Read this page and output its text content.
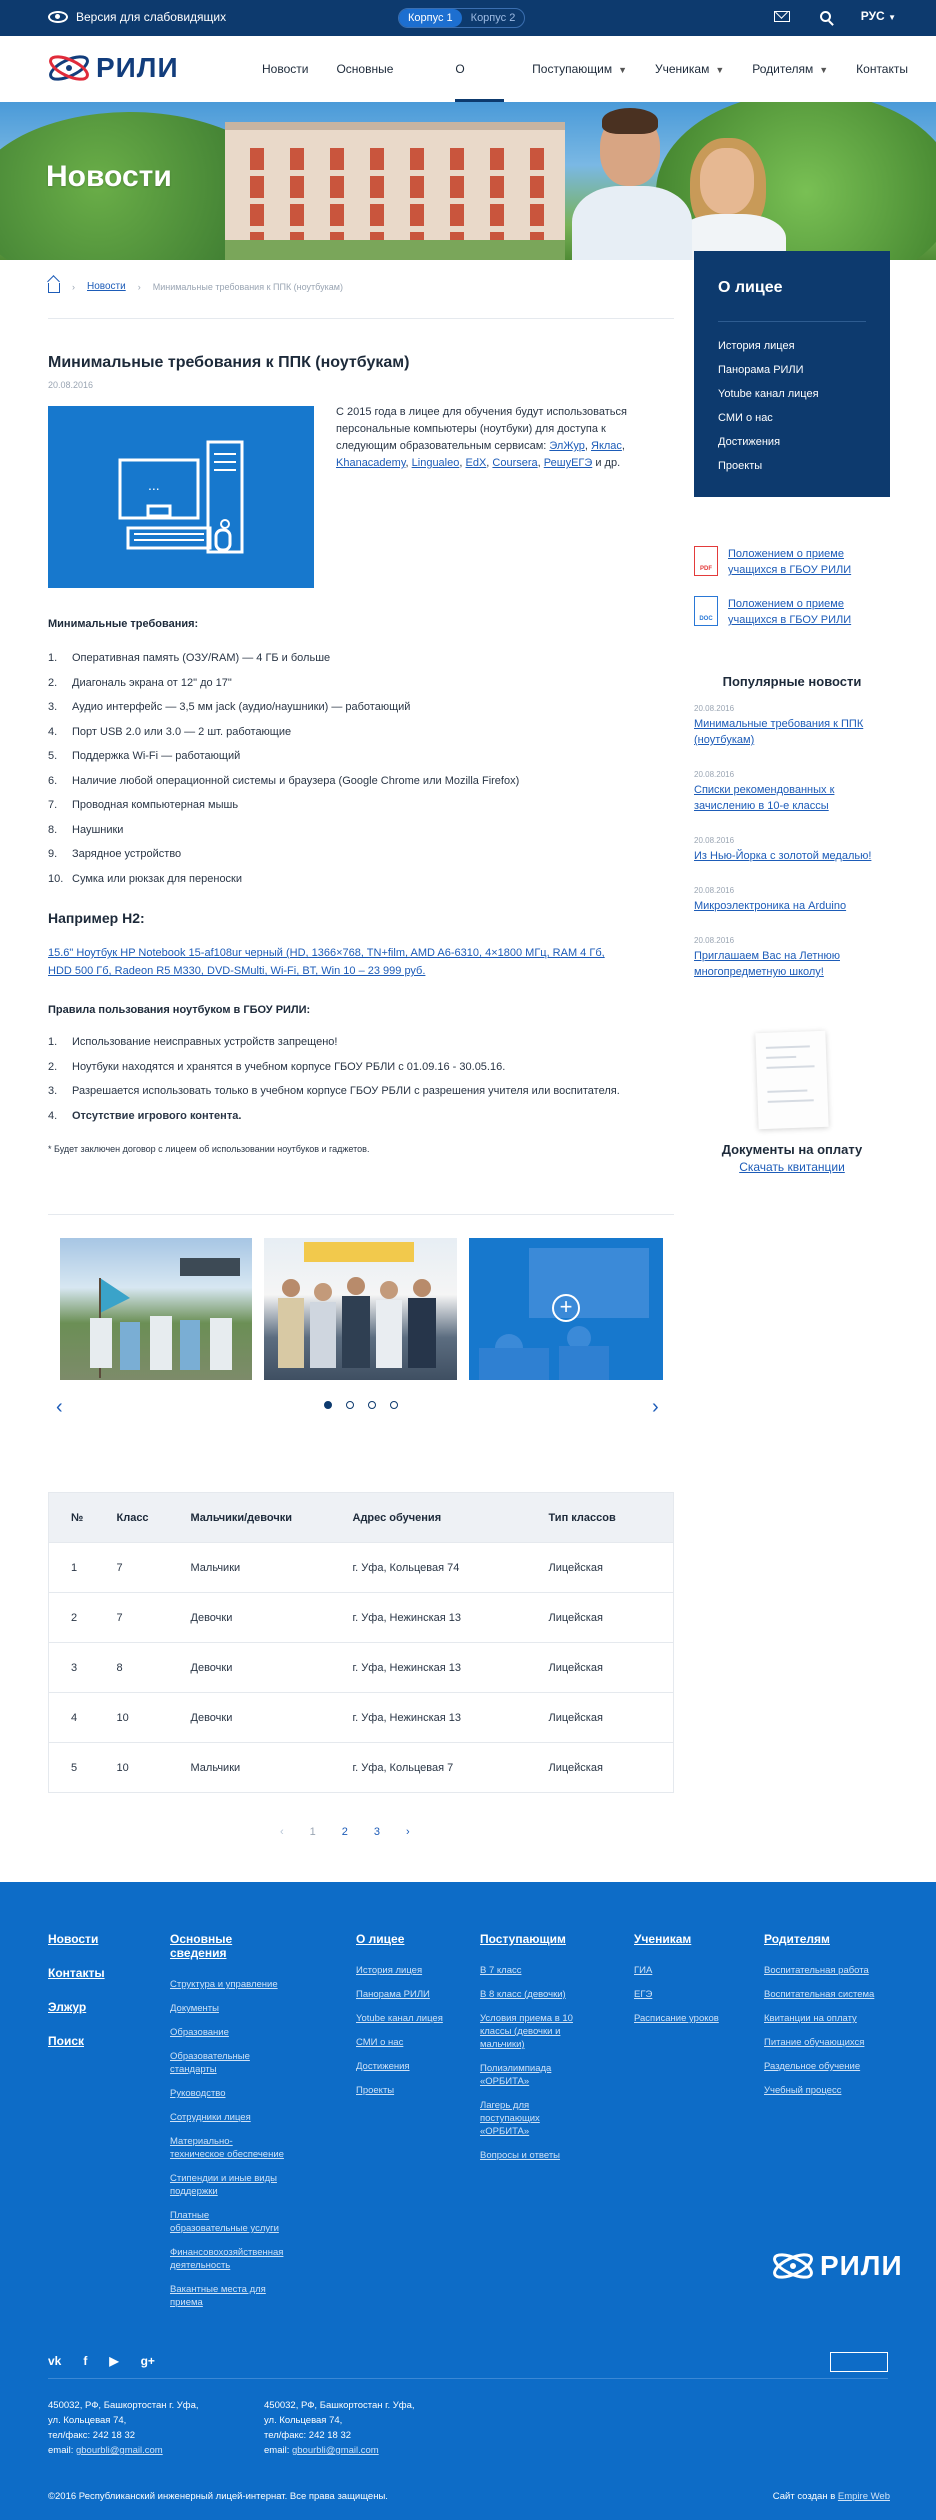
Версия для слабовидящих	Корпус 1	Корпус 2	РУС ▼
РИЛИ	Новости Основные	О	Поступающим ▼ Ученикам ▼ Родителям ▼ Контакты
Новости
О лицее
История лицея
Панорама РИЛИ
Yotube канал лицея
СМИ о нас
Достижения
Проекты
PDF
Положением о приеме учащихся в ГБОУ РИЛИ
DOC
Положением о приеме учащихся в ГБОУ РИЛИ
Популярные новости
20.08.2016
Минимальные требования к ППК (ноутбукам)
20.08.2016
Списки рекомендованных к зачислению в 10-е классы
20.08.2016
Из Нью-Йорка с золотой медалью!
20.08.2016
Микроэлектроника на Arduino
20.08.2016
Приглашаем Вас на Летнюю многопредметную школу!
Документы на оплату
Скачать квитанции
› Новости › Минимальные требования к ППК (ноутбукам)
Минимальные требования к ППК (ноутбукам)
20.08.2016
...
С 2015 года в лицее для обучения будут использоваться персональные компьютеры (ноутбуки) для доступа к следующим образовательным сервисам: ЭлЖур, Яклас, Khanacademy, Lingualeo, EdX, Coursera, РешуЕГЭ и др.
Минимальные требования:
1.	Оперативная память (ОЗУ/RAM) — 4 ГБ и больше
2.	Диагональ экрана от 12" до 17"
3.	Аудио интерфейс — 3,5 мм jack (аудио/наушники) — работающий
4.	Порт USB 2.0 или 3.0 — 2 шт. работающие
5.	Поддержка Wi-Fi — работающий
6.	Наличие любой операционной системы и браузера (Google Chrome или Mozilla Firefox)
7.	Проводная компьютерная мышь
8.	Наушники
9.	Зарядное устройство
10. Сумка или рюкзак для переноски
Например Н2:
15.6" Ноутбук HP Notebook 15-af108ur черный (HD, 1366×768, TN+film, AMD A6-6310, 4×1800 МГц, RAM 4 Гб, HDD 500 Гб, Radeon R5 M330, DVD-SMulti, Wi-Fi, BT, Win 10 – 23 999 руб.
Правила пользования ноутбуком в ГБОУ РИЛИ:
1.	Использование неисправных устройств запрещено!
2.	Ноутбуки находятся и хранятся в учебном корпусе ГБОУ РБЛИ с 01.09.16 - 30.05.16.
3.	Разрешается использовать только в учебном корпусе ГБОУ РБЛИ с разрешения учителя или воспитателя.
4.	Отсутствие игрового контента.
* Будет заключен договор с лицеем об использовании ноутбуков и гаджетов.
+
‹	›
№	Класс	Мальчики/девочки	Адрес обучения	Тип классов
1	7	Мальчики	г. Уфа, Кольцевая 74	Лицейская
2	7	Девочки	г. Уфа, Нежинская 13	Лицейская
3	8	Девочки	г. Уфа, Нежинская 13	Лицейская
4	10	Девочки	г. Уфа, Нежинская 13	Лицейская
5	10	Мальчики	г. Уфа, Кольцевая 7	Лицейская
‹ 1 2 3 ›
Новости
Контакты
Элжур
Поиск
Основные сведения
Структура и управление
Документы
Образование
Образовательные стандарты
Руководство
Сотрудники лицея
Материально- техническое обеспечение
Стипендии и иные виды поддержки
Платные образовательные услуги
Финансовохозяйственная деятельность
Вакантные места для приема
О лицее
История лицея
Панорама РИЛИ
Yotube канал лицея
СМИ о нас
Достижения
Проекты
Поступающим
В 7 класс
В 8 класс (девочки)
Условия приема в 10 классы (девочки и мальчики)
Полиэлимпиада «ОРБИТА»
Лагерь для поступающих «ОРБИТА»
Вопросы и ответы
Ученикам
ГИА
ЕГЭ
Расписание уроков
Родителям
Воспитательная работа
Воспитательная система
Квитанции на оплату
Питание обучающихся
Раздельное обучение
Учебный процесс
РИЛИ
vk f ▶ g+
450032, РФ, Башкортостан г. Уфа,
ул. Кольцевая 74,
тел/факс: 242 18 32
email: gbourbli@gmail.com
450032, РФ, Башкортостан г. Уфа,
ул. Кольцевая 74,
тел/факс: 242 18 32
email: gbourbli@gmail.com
©2016 Республиканский инженерный лицей-интернат. Все права защищены.	Сайт создан в Empire Web
